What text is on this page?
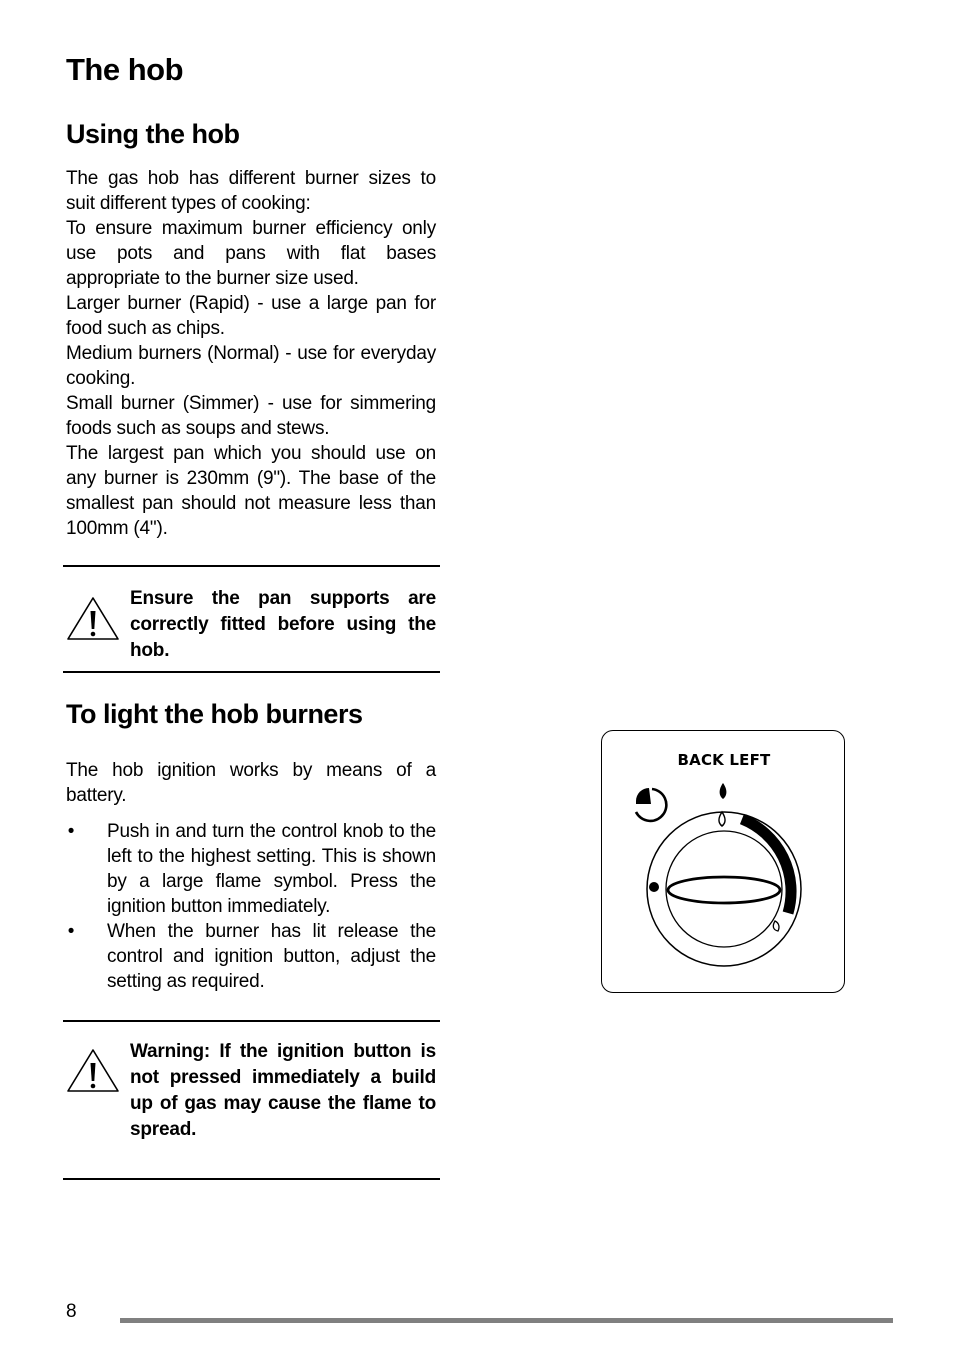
The hob
Using the hob

The gas hob has different burner sizes to suit different types of cooking:

To ensure maximum burner efficiency only use pots and pans with flat bases appropriate to the burner size used.

Larger burner (Rapid) - use a large pan for food such as chips.

Medium burners (Normal) - use for everyday cooking.

Small burner (Simmer) - use for simmering foods such as soups and stews.

The largest pan which you should use on any burner is 230mm (9"). The base of the smallest pan should not measure less than 100mm (4").

Ensure the pan supports are correctly fitted before using the hob.
To light the hob burners
The hob ignition works by means of a battery.
• Push in and turn the control knob to the left to the highest setting. This is shown by a large flame symbol. Press the ignition button immediately.
• When the burner has lit release the control and ignition button, adjust the setting as required.
Warning: If the ignition button is not pressed immediately a build up of gas may cause the flame to spread.
BACK LEFT
8
